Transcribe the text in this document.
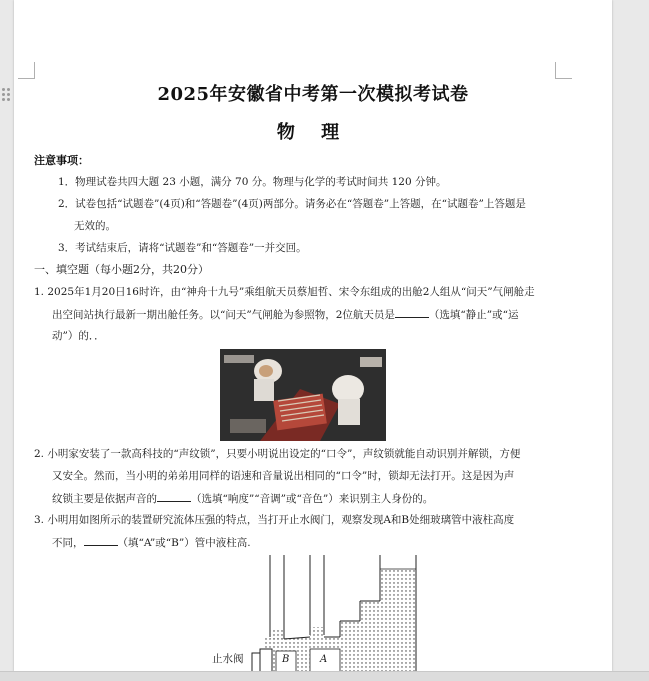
2025年安徽省中考第一次模拟考试卷
物 理
注意事项：
1．物理试卷共四大题 23 小题，满分 70 分。物理与化学的考试时间共 120 分钟。
2．试卷包括“试题卷”(4页)和“答题卷”(4页)两部分。请务必在“答题卷”上答题，在“试题卷”上答题是
无效的。
3．考试结束后，请将“试题卷”和“答题卷”一并交回。
一、填空题（每小题2分，共20分）
1. 2025年1月20日16时许，由“神舟十九号”乘组航天员蔡旭哲、宋令东组成的出舱2人组从“问天”气闸舱走
出空间站执行最新一期出舱任务。以“问天”气闸舱为参照物，2位航天员是	（选填“静止”或“运
动”）的．．
2. 小明家安装了一款高科技的“声纹锁”，只要小明说出设定的“口令”，声纹锁就能自动识别并解锁，方便
又安全。然而，当小明的弟弟用同样的语速和音量说出相同的“口令”时，锁却无法打开。这是因为声
纹锁主要是依据声音的	（选填“响度”“音调”或“音色”）来识别主人身份的。
3. 小明用如图所示的装置研究流体压强的特点，当打开止水阀门，观察发现A和B处细玻璃管中液柱高度
不同，	（填“A”或“B”）管中液柱高.
止水阀	B	A
